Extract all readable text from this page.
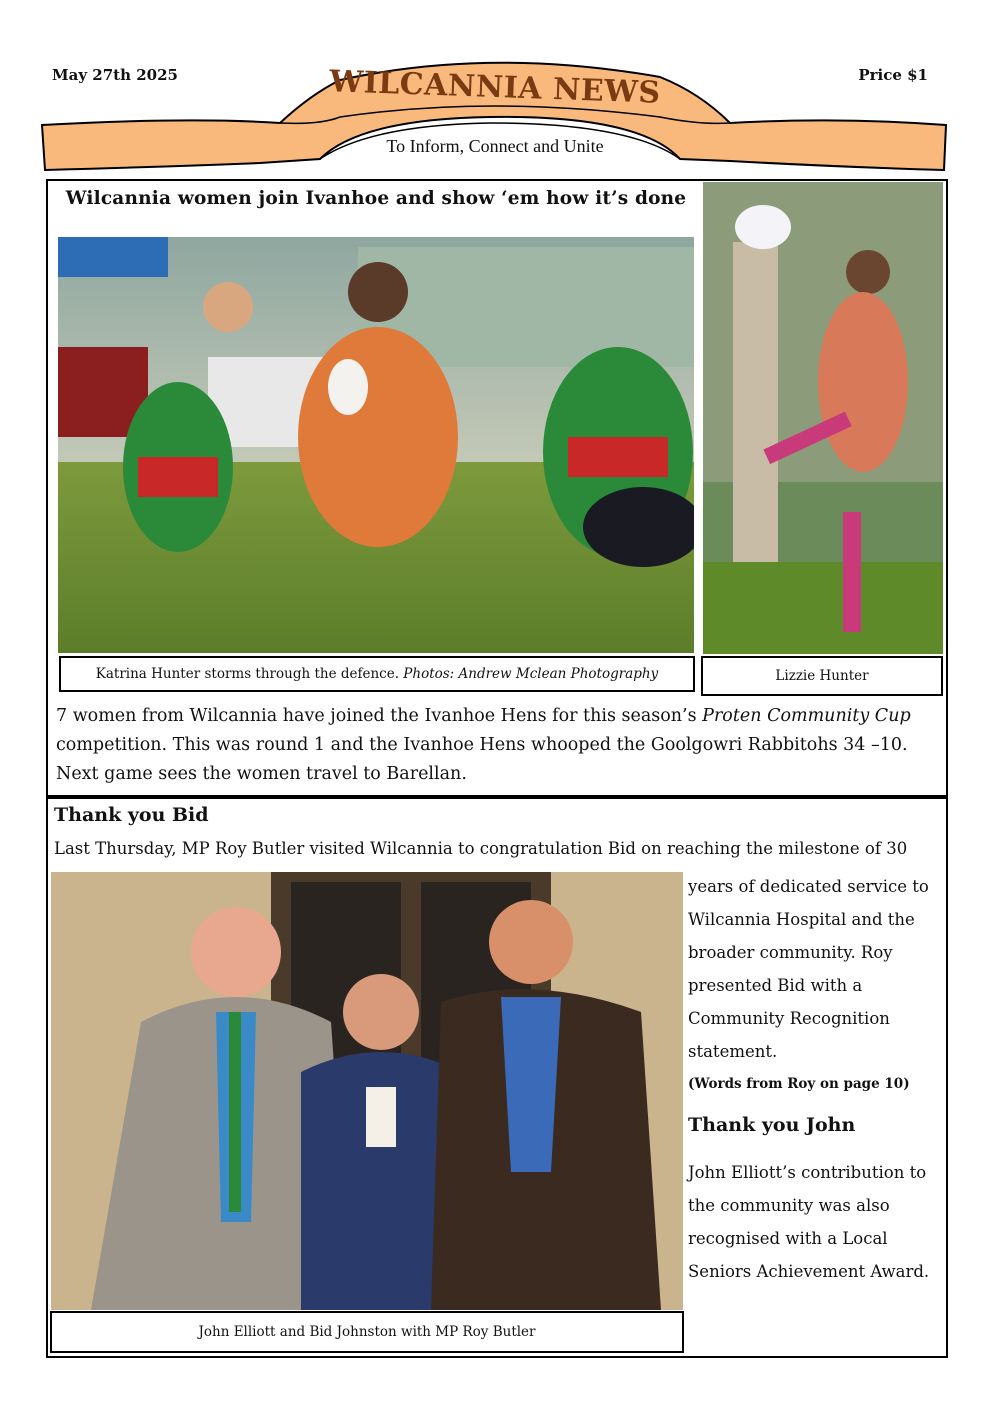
May 27th 2025	Price $1
WILCANNIA NEWS
To Inform, Connect and Unite
Wilcannia women join Ivanhoe and show ‘em how it’s done
Katrina Hunter storms through the defence. Photos: Andrew Mclean Photography	Lizzie Hunter
7 women from Wilcannia have joined the Ivanhoe Hens for this season’s Proten Community Cup competition. This was round 1 and the Ivanhoe Hens whooped the Goolgowri Rabbitohs 34 –10. Next game sees the women travel to Barellan.
Thank you Bid
Last Thursday, MP Roy Butler visited Wilcannia to congratulation Bid on reaching the milestone of 30
John Elliott and Bid Johnston with MP Roy Butler
years of dedicated service to Wilcannia Hospital and the broader community. Roy presented Bid with a Community Recognition statement.
(Words from Roy on page 10)
Thank you John
John Elliott’s contribution to the community was also recognised with a Local Seniors Achievement Award.
